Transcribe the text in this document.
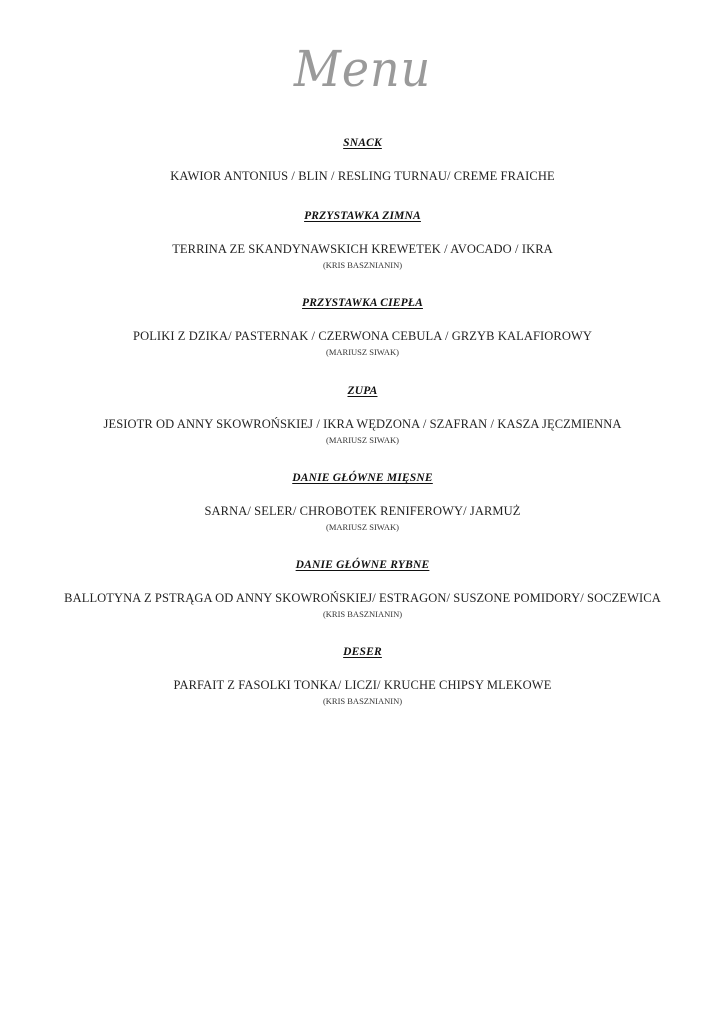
Menu
SNACK
KAWIOR ANTONIUS / BLIN / RESLING TURNAU/ CREME FRAICHE
PRZYSTAWKA ZIMNA
TERRINA ZE SKANDYNAWSKICH KREWETEK / AVOCADO / IKRA
(KRIS BASZNIANIN)
PRZYSTAWKA CIEPŁA
POLIKI Z DZIKA/ PASTERNAK / CZERWONA CEBULA / GRZYB KALAFIOROWY
(MARIUSZ SIWAK)
ZUPA
JESIOTR OD ANNY SKOWROŃSKIEJ / IKRA WĘDZONA / SZAFRAN / KASZA JĘCZMIENNA
(MARIUSZ SIWAK)
DANIE GŁÓWNE MIĘSNE
SARNA/ SELER/ CHROBOTEK RENIFEROWY/ JARMUŻ
(MARIUSZ SIWAK)
DANIE GŁÓWNE RYBNE
BALLOTYNA Z PSTRĄGA OD ANNY SKOWROŃSKIEJ/ ESTRAGON/ SUSZONE POMIDORY/ SOCZEWICA
(KRIS BASZNIANIN)
DESER
PARFAIT Z FASOLKI TONKA/ LICZI/ KRUCHE CHIPSY MLEKOWE
(KRIS BASZNIANIN)
